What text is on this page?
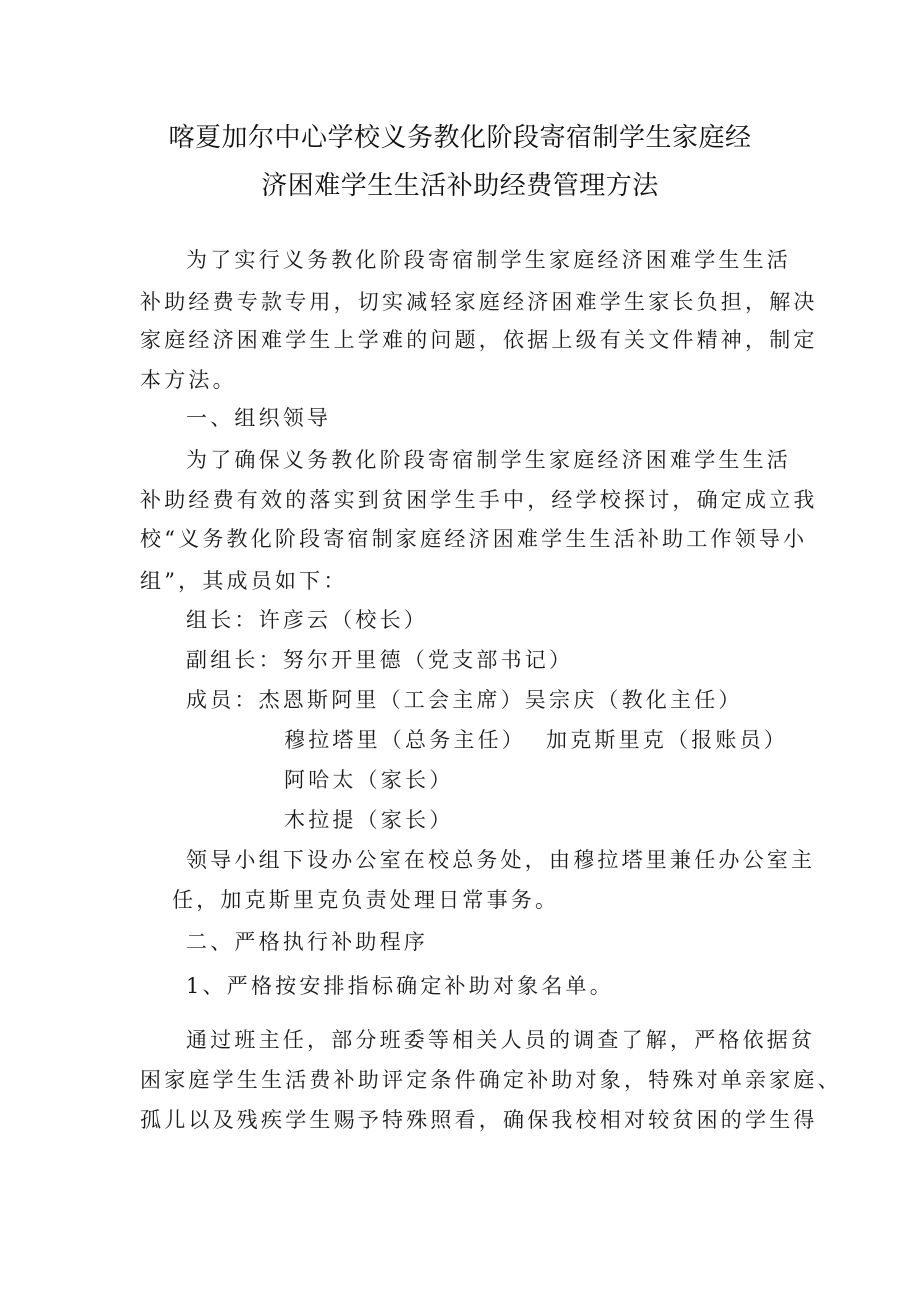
喀夏加尔中心学校义务教化阶段寄宿制学生家庭经
济困难学生生活补助经费管理方法
为了实行义务教化阶段寄宿制学生家庭经济困难学生生活
补助经费专款专用，切实减轻家庭经济困难学生家长负担，解决
家庭经济困难学生上学难的问题，依据上级有关文件精神，制定
本方法。
一、组织领导
为了确保义务教化阶段寄宿制学生家庭经济困难学生生活
补助经费有效的落实到贫困学生手中，经学校探讨，确定成立我
校“义务教化阶段寄宿制家庭经济困难学生生活补助工作领导小
组”，其成员如下：
组长：许彦云（校长）
副组长：努尔开里德（党支部书记）
成员：杰恩斯阿里（工会主席）吴宗庆（教化主任）
穆拉塔里（总务主任） 加克斯里克（报账员）
阿哈太（家长）
木拉提（家长）
领导小组下设办公室在校总务处，由穆拉塔里兼任办公室主
任，加克斯里克负责处理日常事务。
二、严格执行补助程序
1、严格按安排指标确定补助对象名单。
通过班主任，部分班委等相关人员的调查了解，严格依据贫
困家庭学生生活费补助评定条件确定补助对象，特殊对单亲家庭、
孤儿以及残疾学生赐予特殊照看，确保我校相对较贫困的学生得
